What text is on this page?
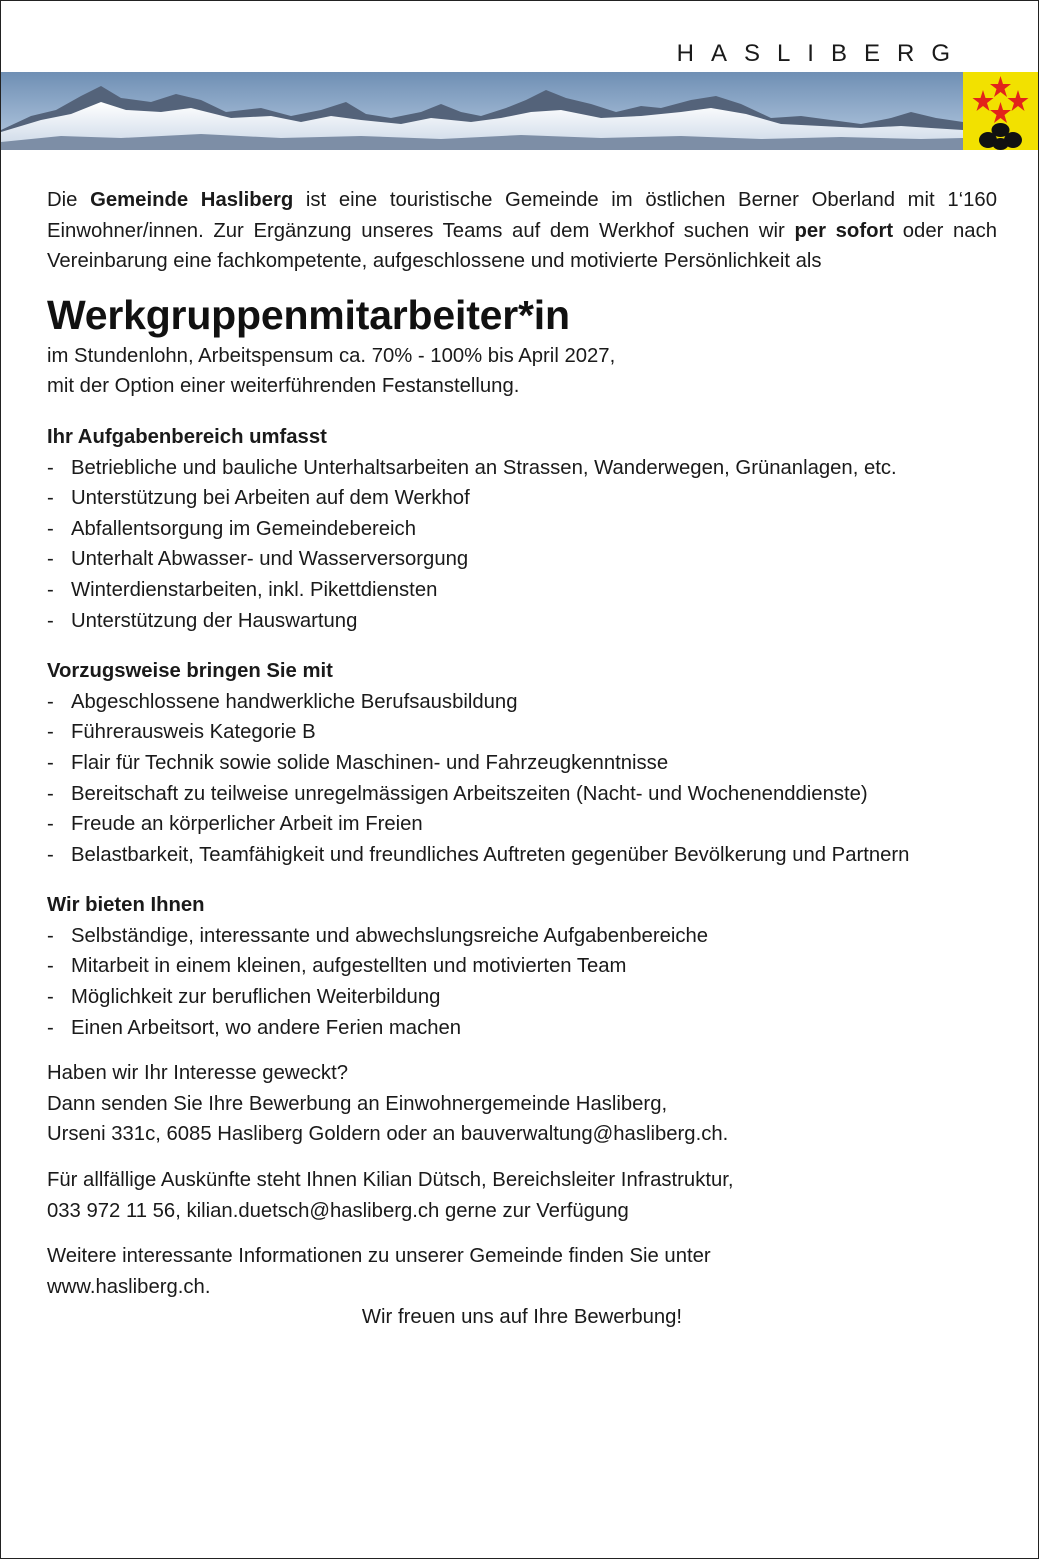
HASLIBERG

Die Gemeinde Hasliberg ist eine touristische Gemeinde im östlichen Berner Oberland mit 1‘160 Einwohner/innen. Zur Ergänzung unseres Teams auf dem Werkhof suchen wir per sofort oder nach Vereinbarung eine fachkompetente, aufgeschlossene und motivierte Persönlichkeit als

Werkgruppenmitarbeiter*in

im Stundenlohn, Arbeitspensum ca. 70% - 100% bis April 2027,

mit der Option einer weiterführenden Festanstellung.

Ihr Aufgabenbereich umfasst
- Betriebliche und bauliche Unterhaltsarbeiten an Strassen, Wanderwegen, Grünanlagen, etc.
- Unterstützung bei Arbeiten auf dem Werkhof
- Abfallentsorgung im Gemeindebereich
- Unterhalt Abwasser- und Wasserversorgung
- Winterdienstarbeiten, inkl. Pikettdiensten
- Unterstützung der Hauswartung
Vorzugsweise bringen Sie mit
- Abgeschlossene handwerkliche Berufsausbildung
- Führerausweis Kategorie B
- Flair für Technik sowie solide Maschinen- und Fahrzeugkenntnisse
- Bereitschaft zu teilweise unregelmässigen Arbeitszeiten (Nacht- und Wochenenddienste)
- Freude an körperlicher Arbeit im Freien
- Belastbarkeit, Teamfähigkeit und freundliches Auftreten gegenüber Bevölkerung und Partnern
Wir bieten Ihnen
- Selbständige, interessante und abwechslungsreiche Aufgabenbereiche
- Mitarbeit in einem kleinen, aufgestellten und motivierten Team
- Möglichkeit zur beruflichen Weiterbildung
- Einen Arbeitsort, wo andere Ferien machen

Haben wir Ihr Interesse geweckt?

Dann senden Sie Ihre Bewerbung an Einwohnergemeinde Hasliberg,

Urseni 331c, 6085 Hasliberg Goldern oder an bauverwaltung@hasliberg.ch.

Für allfällige Auskünfte steht Ihnen Kilian Dütsch, Bereichsleiter Infrastruktur,

033 972 11 56, kilian.duetsch@hasliberg.ch gerne zur Verfügung

Weitere interessante Informationen zu unserer Gemeinde finden Sie unter

www.hasliberg.ch.

Wir freuen uns auf Ihre Bewerbung!
